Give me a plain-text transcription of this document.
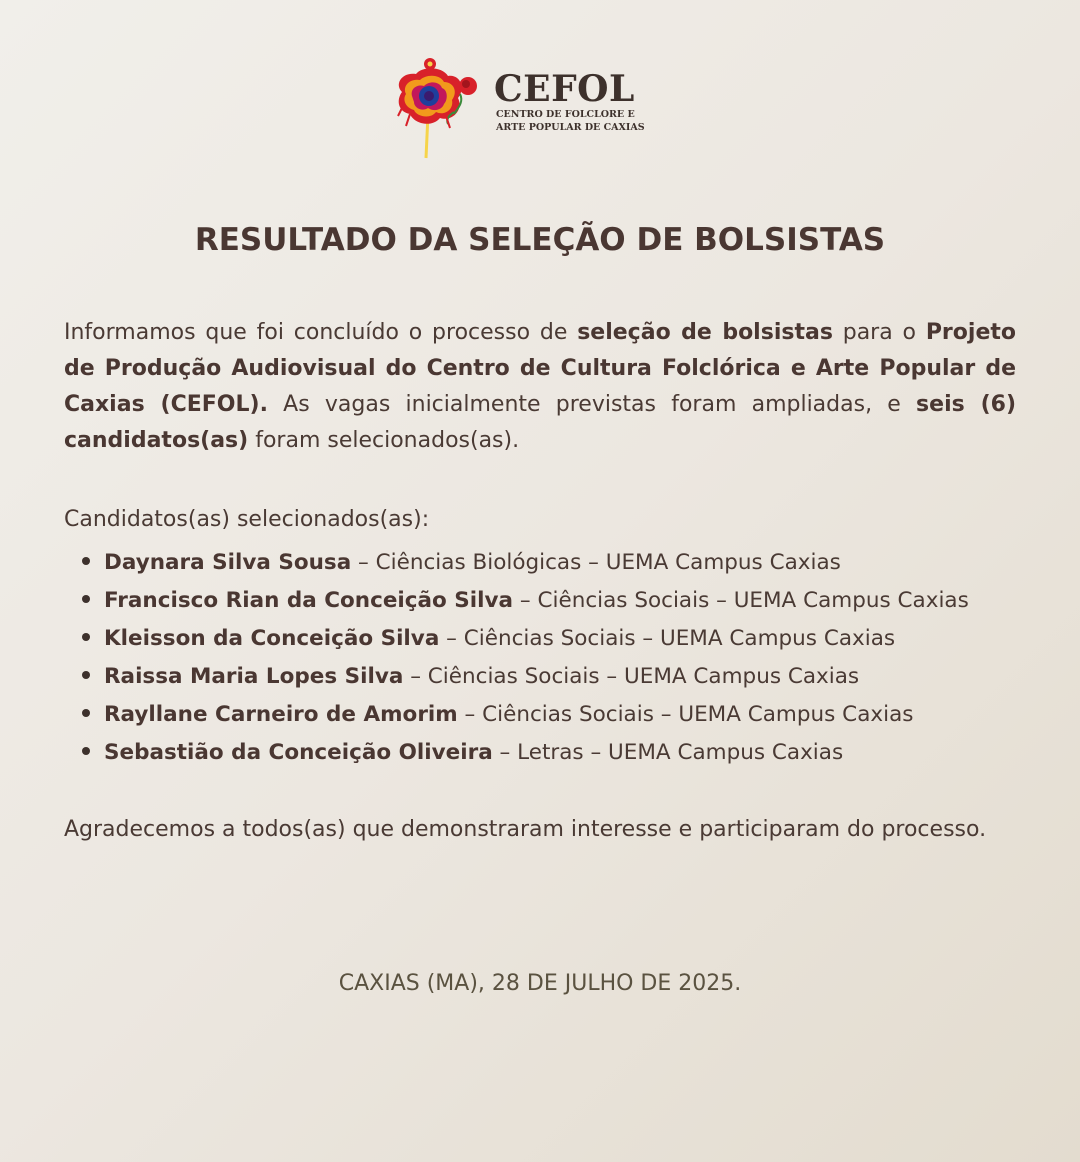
CEFOL

CENTRO DE FOLCLORE E ARTE POPULAR DE CAXIAS

RESULTADO DA SELEÇÃO DE BOLSISTAS

Informamos que foi concluído o processo de seleção de bolsistas para o Projeto de Produção Audiovisual do Centro de Cultura Folclórica e Arte Popular de Caxias (CEFOL). As vagas inicialmente previstas foram ampliadas, e seis (6) candidatos(as) foram selecionados(as).

Candidatos(as) selecionados(as):

Daynara Silva Sousa – Ciências Biológicas – UEMA Campus Caxias
Francisco Rian da Conceição Silva – Ciências Sociais – UEMA Campus Caxias
Kleisson da Conceição Silva – Ciências Sociais – UEMA Campus Caxias
Raissa Maria Lopes Silva – Ciências Sociais – UEMA Campus Caxias
Rayllane Carneiro de Amorim – Ciências Sociais – UEMA Campus Caxias
Sebastião da Conceição Oliveira – Letras – UEMA Campus Caxias

Agradecemos a todos(as) que demonstraram interesse e participaram do processo.

CAXIAS (MA), 28 DE JULHO DE 2025.
